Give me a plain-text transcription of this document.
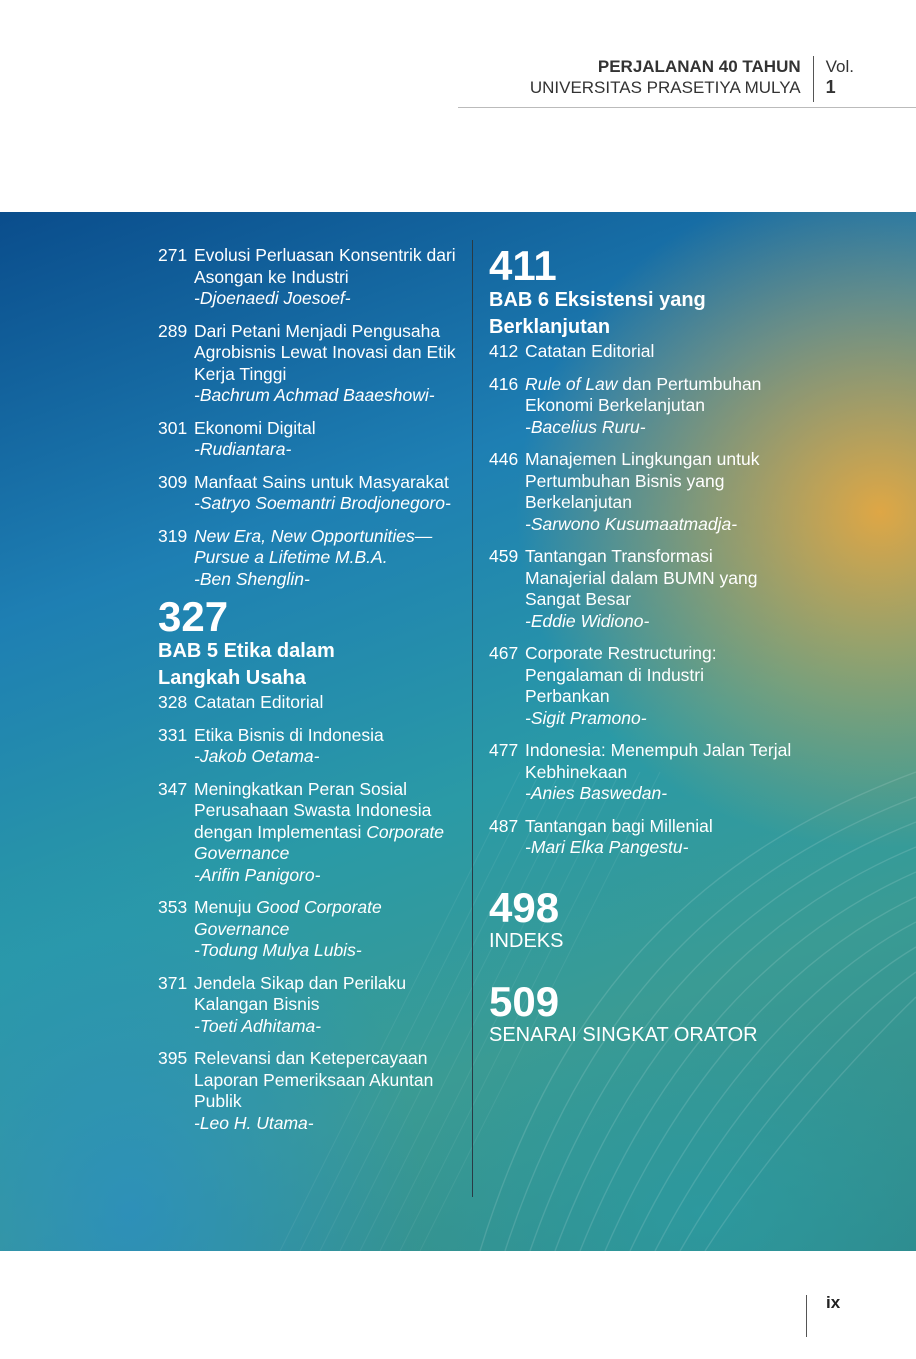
PERJALANAN 40 TAHUN
UNIVERSITAS PRASETIYA MULYA
Vol.
1
271 Evolusi Perluasan Konsentrik dari
Asongan ke Industri
-Djoenaedi Joesoef-
289 Dari Petani Menjadi Pengusaha
Agrobisnis Lewat Inovasi dan Etik
Kerja Tinggi
-Bachrum Achmad Baaeshowi-
301 Ekonomi Digital
-Rudiantara-
309 Manfaat Sains untuk Masyarakat
-Satryo Soemantri Brodjonegoro-
319 New Era, New Opportunities—
Pursue a Lifetime M.B.A.
-Ben Shenglin-
327
BAB 5 Etika dalam
Langkah Usaha
328 Catatan Editorial
331 Etika Bisnis di Indonesia
-Jakob Oetama-
347 Meningkatkan Peran Sosial
Perusahaan Swasta Indonesia
dengan Implementasi Corporate
Governance
-Arifin Panigoro-
353 Menuju Good Corporate
Governance
-Todung Mulya Lubis-
371 Jendela Sikap dan Perilaku
Kalangan Bisnis
-Toeti Adhitama-
395 Relevansi dan Ketepercayaan
Laporan Pemeriksaan Akuntan
Publik
-Leo H. Utama-
411
BAB 6 Eksistensi yang
Berklanjutan
412 Catatan Editorial
416 Rule of Law dan Pertumbuhan
Ekonomi Berkelanjutan
-Bacelius Ruru-
446 Manajemen Lingkungan untuk
Pertumbuhan Bisnis yang
Berkelanjutan
-Sarwono Kusumaatmadja-
459 Tantangan Transformasi
Manajerial dalam BUMN yang
Sangat Besar
-Eddie Widiono-
467 Corporate Restructuring:
Pengalaman di Industri
Perbankan
-Sigit Pramono-
477 Indonesia: Menempuh Jalan Terjal
Kebhinekaan
-Anies Baswedan-
487 Tantangan bagi Millenial
-Mari Elka Pangestu-
498
INDEKS
509
SENARAI SINGKAT ORATOR
ix
